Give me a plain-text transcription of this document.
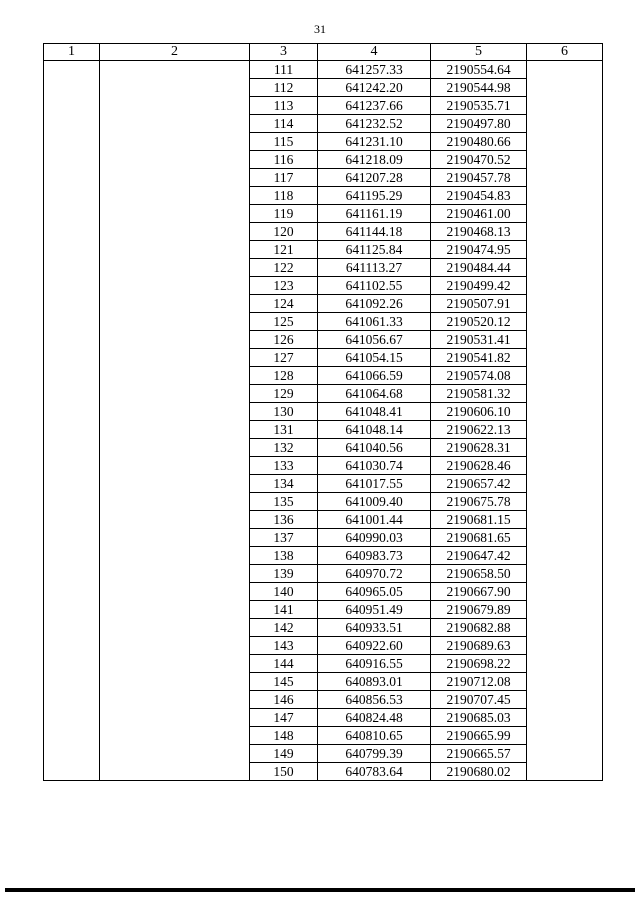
31
1	2	3	4	5	6
		111	641257.33	2190554.64	
		112	641242.20	2190544.98	
		113	641237.66	2190535.71	
		114	641232.52	2190497.80	
		115	641231.10	2190480.66	
		116	641218.09	2190470.52	
		117	641207.28	2190457.78	
		118	641195.29	2190454.83	
		119	641161.19	2190461.00	
		120	641144.18	2190468.13	
		121	641125.84	2190474.95	
		122	641113.27	2190484.44	
		123	641102.55	2190499.42	
		124	641092.26	2190507.91	
		125	641061.33	2190520.12	
		126	641056.67	2190531.41	
		127	641054.15	2190541.82	
		128	641066.59	2190574.08	
		129	641064.68	2190581.32	
		130	641048.41	2190606.10	
		131	641048.14	2190622.13	
		132	641040.56	2190628.31	
		133	641030.74	2190628.46	
		134	641017.55	2190657.42	
		135	641009.40	2190675.78	
		136	641001.44	2190681.15	
		137	640990.03	2190681.65	
		138	640983.73	2190647.42	
		139	640970.72	2190658.50	
		140	640965.05	2190667.90	
		141	640951.49	2190679.89	
		142	640933.51	2190682.88	
		143	640922.60	2190689.63	
		144	640916.55	2190698.22	
		145	640893.01	2190712.08	
		146	640856.53	2190707.45	
		147	640824.48	2190685.03	
		148	640810.65	2190665.99	
		149	640799.39	2190665.57	
		150	640783.64	2190680.02	
